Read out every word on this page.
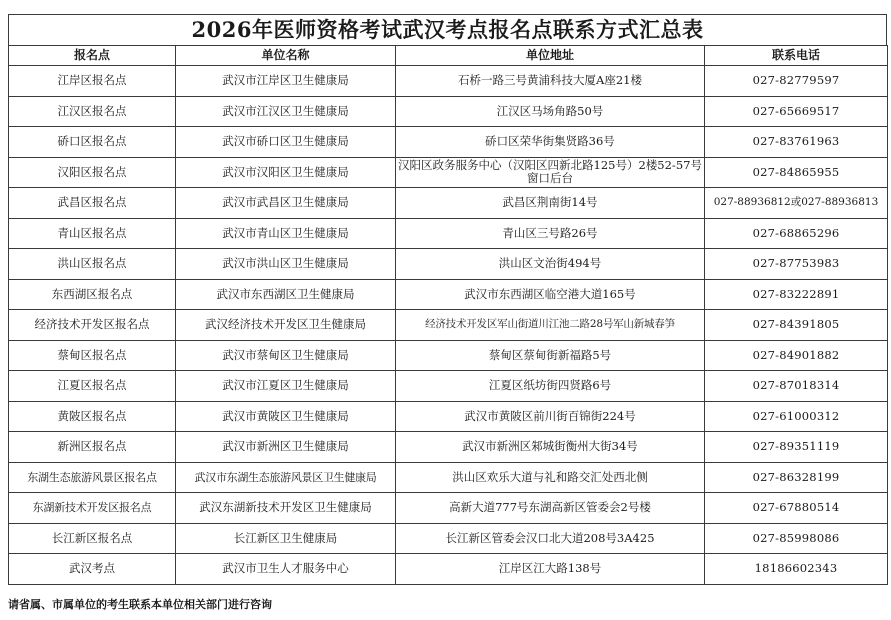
2026年医师资格考试武汉考点报名点联系方式汇总表
报名点	单位名称	单位地址	联系电话
江岸区报名点	武汉市江岸区卫生健康局	石桥一路三号黄浦科技大厦A座21楼	027-82779597
江汉区报名点	武汉市江汉区卫生健康局	江汉区马场角路50号	027-65669517
硚口区报名点	武汉市硚口区卫生健康局	硚口区荣华街集贤路36号	027-83761963
汉阳区报名点	武汉市汉阳区卫生健康局	汉阳区政务服务中心（汉阳区四新北路125号）2楼52-57号窗口后台	027-84865955
武昌区报名点	武汉市武昌区卫生健康局	武昌区荆南街14号	027-88936812或027-88936813
青山区报名点	武汉市青山区卫生健康局	青山区三号路26号	027-68865296
洪山区报名点	武汉市洪山区卫生健康局	洪山区文治街494号	027-87753983
东西湖区报名点	武汉市东西湖区卫生健康局	武汉市东西湖区临空港大道165号	027-83222891
经济技术开发区报名点	武汉经济技术开发区卫生健康局	经济技术开发区军山街道川江池二路28号军山新城春笋	027-84391805
蔡甸区报名点	武汉市蔡甸区卫生健康局	蔡甸区蔡甸街新福路5号	027-84901882
江夏区报名点	武汉市江夏区卫生健康局	江夏区纸坊街四贤路6号	027-87018314
黄陂区报名点	武汉市黄陂区卫生健康局	武汉市黄陂区前川街百锦街224号	027-61000312
新洲区报名点	武汉市新洲区卫生健康局	武汉市新洲区邾城街衡州大街34号	027-89351119
东湖生态旅游风景区报名点	武汉市东湖生态旅游风景区卫生健康局	洪山区欢乐大道与礼和路交汇处西北侧	027-86328199
东湖新技术开发区报名点	武汉东湖新技术开发区卫生健康局	高新大道777号东湖高新区管委会2号楼	027-67880514
长江新区报名点	长江新区卫生健康局	长江新区管委会汉口北大道208号3A425	027-85998086
武汉考点	武汉市卫生人才服务中心	江岸区江大路138号	18186602343
请省属、市属单位的考生联系本单位相关部门进行咨询
